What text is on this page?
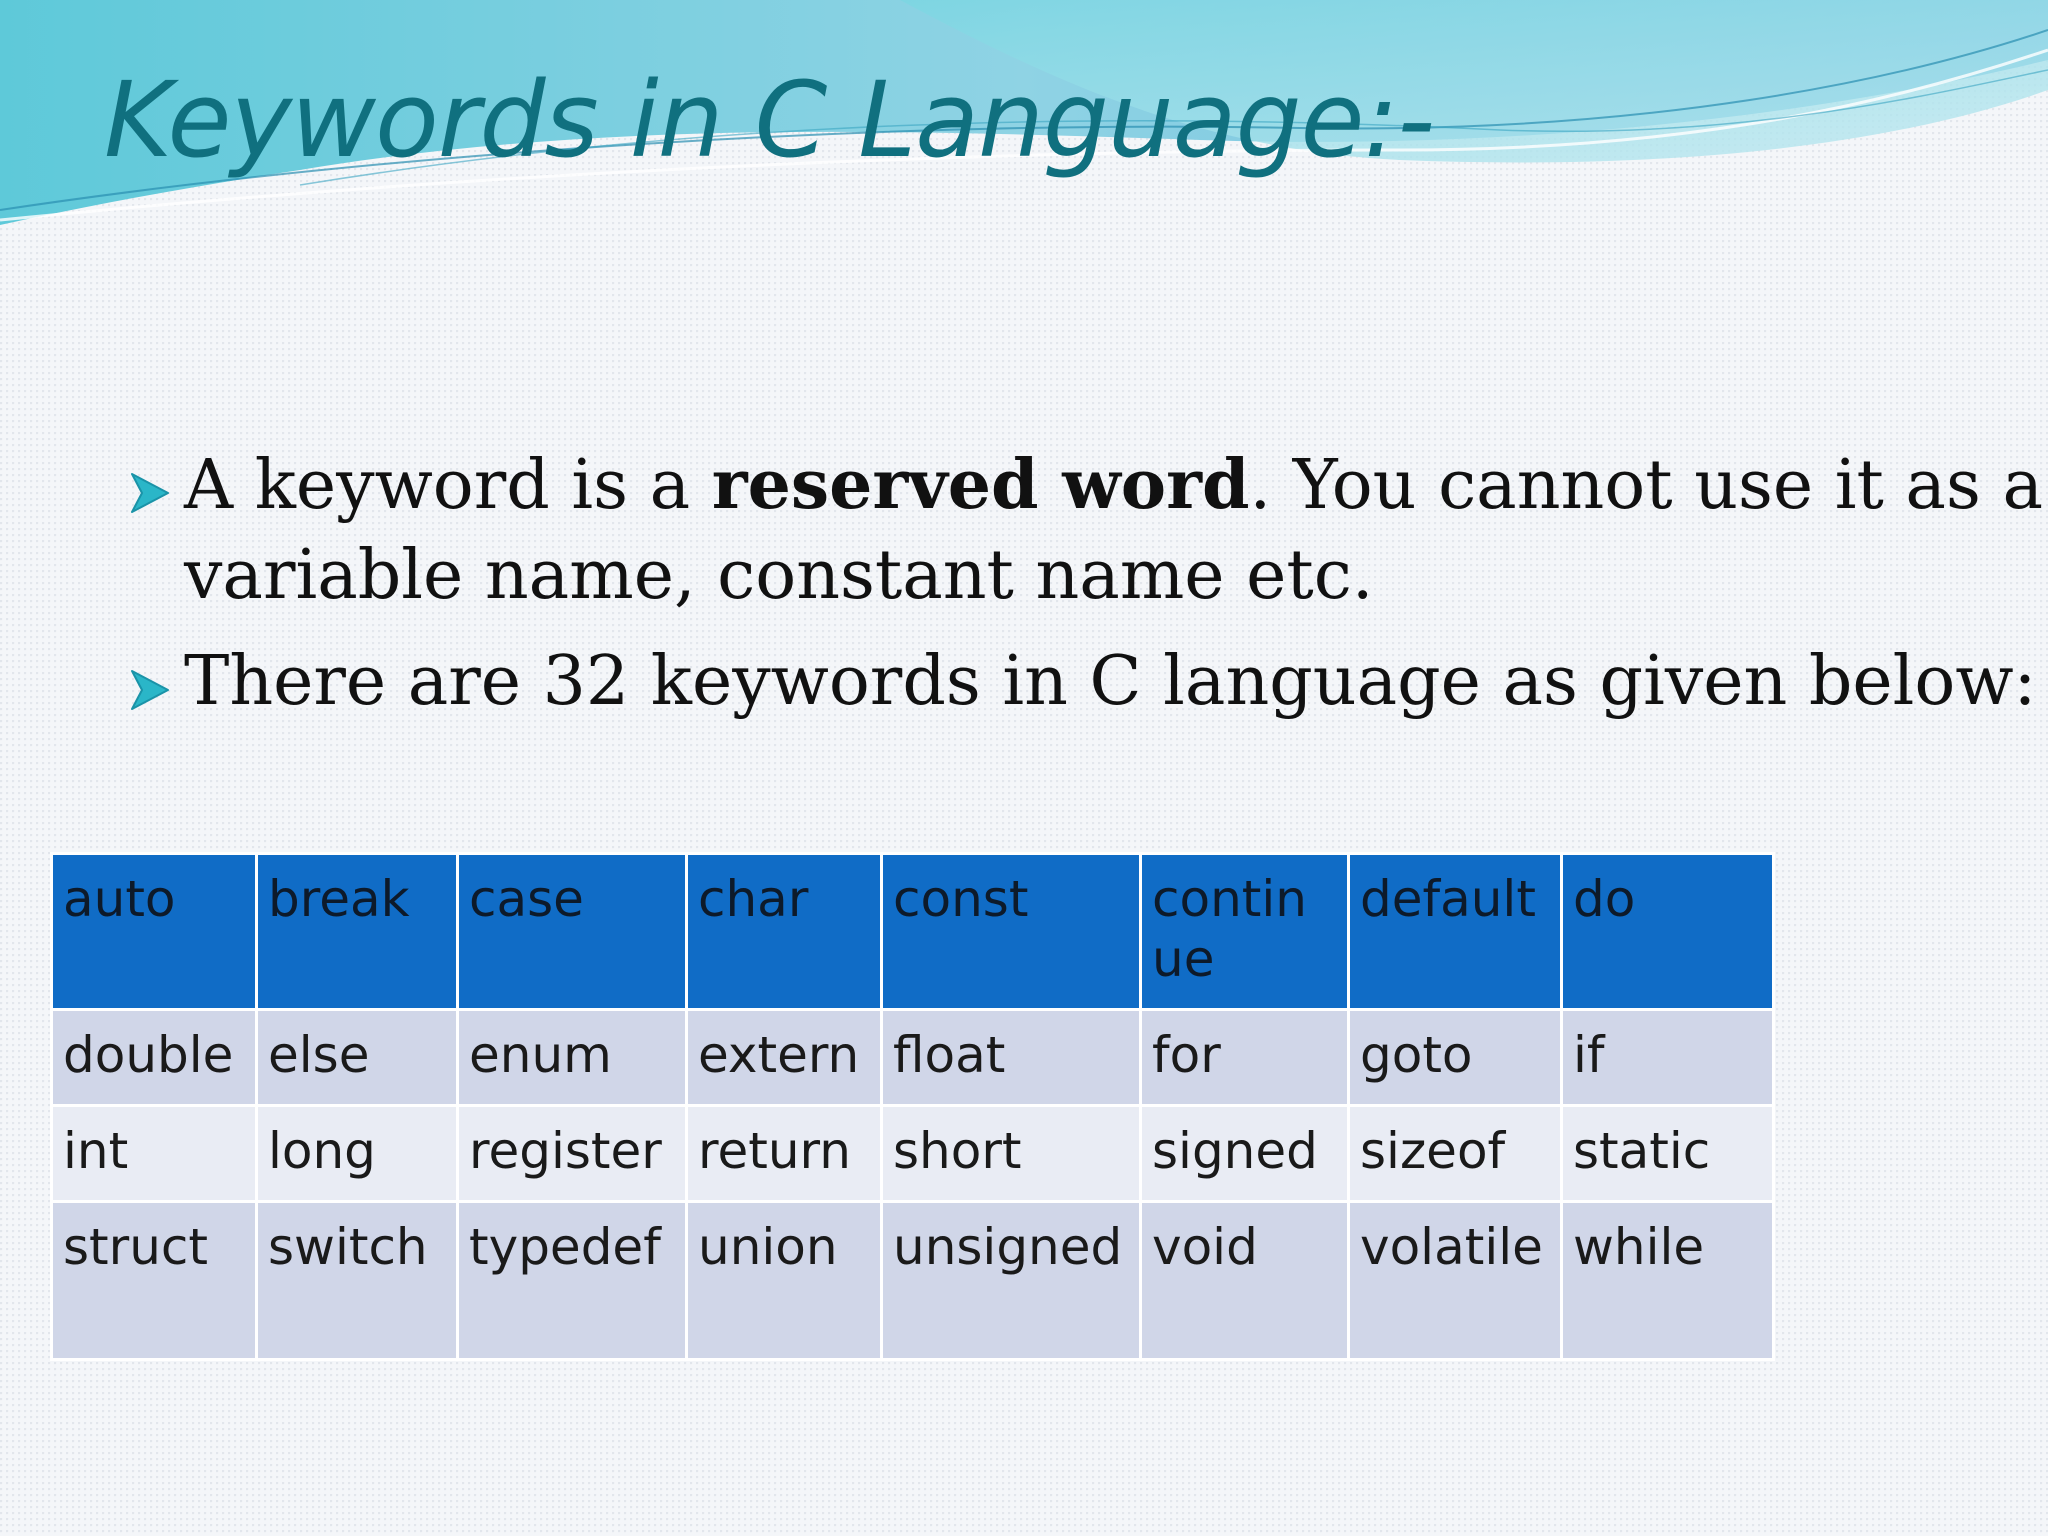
Keywords in C Language:-
A keyword is a reserved word. You cannot use it as a
variable name, constant name etc.
There are 32 keywords in C language as given below:
auto	break	case	char	const	continue	default	do
double	else	enum	extern	float	for	goto	if
int	long	register	return	short	signed	sizeof	static
struct	switch	typedef	union	unsigned	void	volatile	while
